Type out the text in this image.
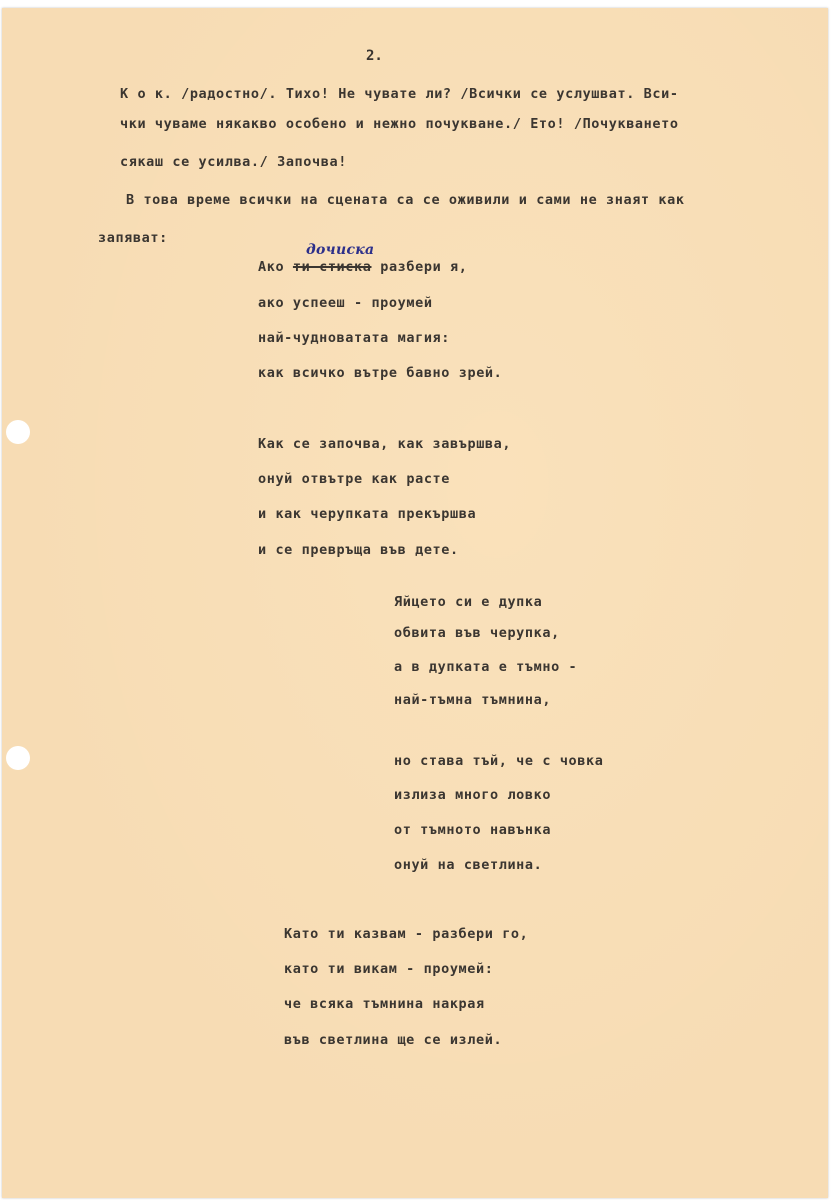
2.
К о к. /радостно/. Тихо! Не чувате ли? /Всички се услушват. Вси-
чки чуваме някакво особено и нежно почукване./ Ето! /Почукването
сякаш се усилва./ Започва!
В това време всички на сцената са се оживили и сами не знаят как
запяват:
дочиска
Ако ти стиска разбери я,
ако успееш - проумей
най-чудноватата магия:
как всичко вътре бавно зрей.
Как се започва, как завършва,
онуй отвътре как расте
и как черупката прекършва
и се превръща във дете.
Яйцето си е дупка
обвита във черупка,
а в дупката е тъмно -
най-тъмна тъмнина,
но става тъй, че с човка
излиза много ловко
от тъмното навънка
онуй на светлина.
Като ти казвам - разбери го,
като ти викам - проумей:
че всяка тъмнина накрая
във светлина ще се излей.
